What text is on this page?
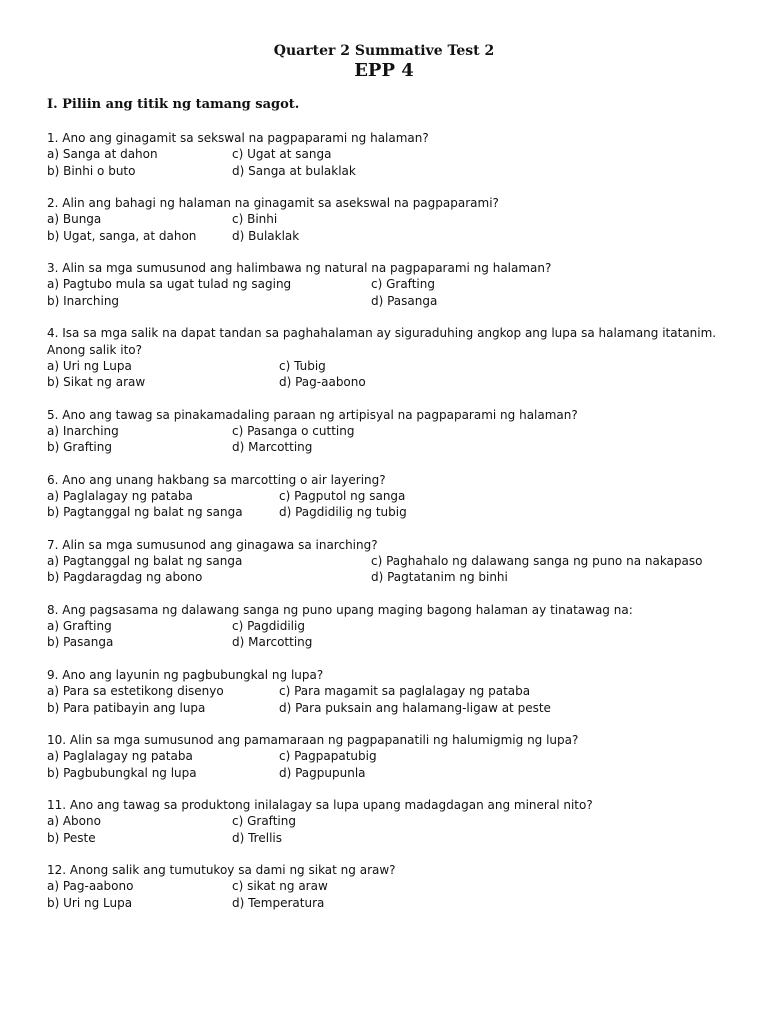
Quarter 2 Summative Test 2
EPP 4
I. Piliin ang titik ng tamang sagot.
1. Ano ang ginagamit sa sekswal na pagpaparami ng halaman?
a) Sanga at dahon	c) Ugat at sanga
b) Binhi o buto	d) Sanga at bulaklak
2. Alin ang bahagi ng halaman na ginagamit sa asekswal na pagpaparami?
a) Bunga	c) Binhi
b) Ugat, sanga, at dahon	d) Bulaklak
3. Alin sa mga sumusunod ang halimbawa ng natural na pagpaparami ng halaman?
a) Pagtubo mula sa ugat tulad ng saging	c) Grafting
b) Inarching	d) Pasanga
4. Isa sa mga salik na dapat tandan sa paghahalaman ay siguraduhing angkop ang lupa sa halamang itatanim. Anong salik ito?
a) Uri ng Lupa	c) Tubig
b) Sikat ng araw	d) Pag-aabono
5. Ano ang tawag sa pinakamadaling paraan ng artipisyal na pagpaparami ng halaman?
a) Inarching	c) Pasanga o cutting
b) Grafting	d) Marcotting
6. Ano ang unang hakbang sa marcotting o air layering?
a) Paglalagay ng pataba	c) Pagputol ng sanga
b) Pagtanggal ng balat ng sanga	d) Pagdidilig ng tubig
7. Alin sa mga sumusunod ang ginagawa sa inarching?
a) Pagtanggal ng balat ng sanga	c) Paghahalo ng dalawang sanga ng puno na nakapaso
b) Pagdaragdag ng abono	d) Pagtatanim ng binhi
8. Ang pagsasama ng dalawang sanga ng puno upang maging bagong halaman ay tinatawag na:
a) Grafting	c) Pagdidilig
b) Pasanga	d) Marcotting
9. Ano ang layunin ng pagbubungkal ng lupa?
a) Para sa estetikong disenyo	c) Para magamit sa paglalagay ng pataba
b) Para patibayin ang lupa	d) Para puksain ang halamang-ligaw at peste
10. Alin sa mga sumusunod ang pamamaraan ng pagpapanatili ng halumigmig ng lupa?
a) Paglalagay ng pataba	c) Pagpapatubig
b) Pagbubungkal ng lupa	d) Pagpupunla
11. Ano ang tawag sa produktong inilalagay sa lupa upang madagdagan ang mineral nito?
a) Abono	c) Grafting
b) Peste	d) Trellis
12. Anong salik ang tumutukoy sa dami ng sikat ng araw?
a) Pag-aabono	c) sikat ng araw
b) Uri ng Lupa	d) Temperatura
